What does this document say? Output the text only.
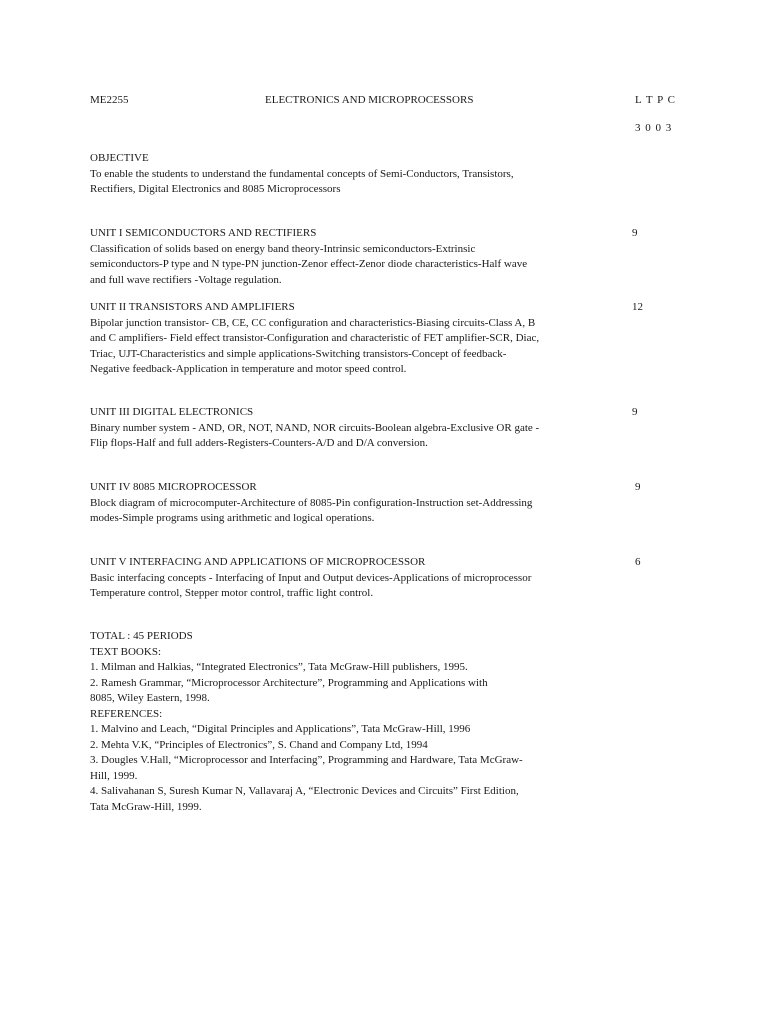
ME2255	ELECTRONICS AND MICROPROCESSORS	L T P C
3 0 0 3
OBJECTIVE
To enable the students to understand the fundamental concepts of Semi-Conductors, Transistors,
Rectifiers, Digital Electronics and 8085 Microprocessors
UNIT I SEMICONDUCTORS AND RECTIFIERS
Classification of solids based on energy band theory-Intrinsic semiconductors-Extrinsic
semiconductors-P type and N type-PN junction-Zenor effect-Zenor diode characteristics-Half wave
and full wave rectifiers -Voltage regulation.
9
UNIT II TRANSISTORS AND AMPLIFIERS
Bipolar junction transistor- CB, CE, CC configuration and characteristics-Biasing circuits-Class A, B
and C amplifiers- Field effect transistor-Configuration and characteristic of FET amplifier-SCR, Diac,
Triac, UJT-Characteristics and simple applications-Switching transistors-Concept of feedback-
Negative feedback-Application in temperature and motor speed control.
12
UNIT III DIGITAL ELECTRONICS
Binary number system - AND, OR, NOT, NAND, NOR circuits-Boolean algebra-Exclusive OR gate -
Flip flops-Half and full adders-Registers-Counters-A/D and D/A conversion.
9
UNIT IV 8085 MICROPROCESSOR
Block diagram of microcomputer-Architecture of 8085-Pin configuration-Instruction set-Addressing
modes-Simple programs using arithmetic and logical operations.
9
UNIT V INTERFACING AND APPLICATIONS OF MICROPROCESSOR
Basic interfacing concepts - Interfacing of Input and Output devices-Applications of microprocessor
Temperature control, Stepper motor control, traffic light control.
6
TOTAL : 45 PERIODS
TEXT BOOKS:
1. Milman and Halkias, “Integrated Electronics”, Tata McGraw-Hill publishers, 1995.
2. Ramesh Grammar, “Microprocessor Architecture”, Programming and Applications with
8085, Wiley Eastern, 1998.
REFERENCES:
1. Malvino and Leach, “Digital Principles and Applications”, Tata McGraw-Hill, 1996
2. Mehta V.K, “Principles of Electronics”, S. Chand and Company Ltd, 1994
3. Dougles V.Hall, “Microprocessor and Interfacing”, Programming and Hardware, Tata McGraw-
Hill, 1999.
4. Salivahanan S, Suresh Kumar N, Vallavaraj A, “Electronic Devices and Circuits” First Edition,
Tata McGraw-Hill, 1999.
